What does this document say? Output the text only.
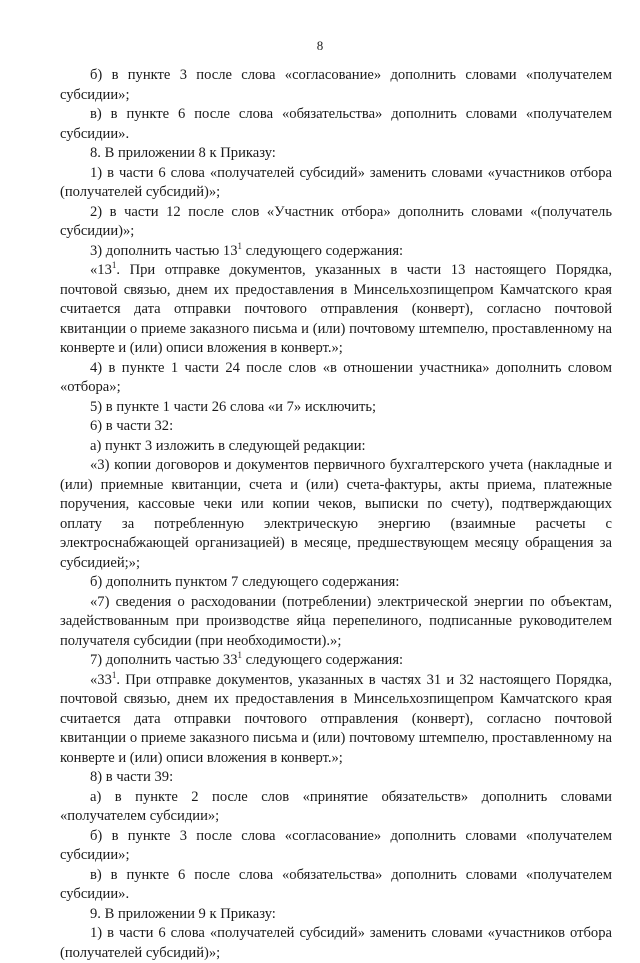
8

б) в пункте 3 после слова «согласование» дополнить словами «получателем субсидии»;

в) в пункте 6 после слова «обязательства» дополнить словами «получателем субсидии».

8. В приложении 8 к Приказу:

1) в части 6 слова «получателей субсидий» заменить словами «участников отбора (получателей субсидий)»;

2) в части 12 после слов «Участник отбора» дополнить словами «(получатель субсидии)»;

3) дополнить частью $13^1$ следующего содержания:

«$13^1$. При отправке документов, указанных в части 13 настоящего Порядка, почтовой связью, днем их предоставления в Минсельхозпищепром Камчатского края считается дата отправки почтового отправления (конверт), согласно почтовой квитанции о приеме заказного письма и (или) почтовому штемпелю, проставленному на конверте и (или) описи вложения в конверт.»;

4) в пункте 1 части 24 после слов «в отношении участника» дополнить словом «отбора»;

5) в пункте 1 части 26 слова «и 7» исключить;

6) в части 32:

а) пункт 3 изложить в следующей редакции:

«3) копии договоров и документов первичного бухгалтерского учета (накладные и (или) приемные квитанции, счета и (или) счета-фактуры, акты приема, платежные поручения, кассовые чеки или копии чеков, выписки по счету), подтверждающих оплату за потребленную электрическую энергию (взаимные расчеты с электроснабжающей организацией) в месяце, предшествующем месяцу обращения за субсидией;»;

б) дополнить пунктом 7 следующего содержания:

«7) сведения о расходовании (потреблении) электрической энергии по объектам, задействованным при производстве яйца перепелиного, подписанные руководителем получателя субсидии (при необходимости).»;

7) дополнить частью $33^1$ следующего содержания:

«$33^1$. При отправке документов, указанных в частях 31 и 32 настоящего Порядка, почтовой связью, днем их предоставления в Минсельхозпищепром Камчатского края считается дата отправки почтового отправления (конверт), согласно почтовой квитанции о приеме заказного письма и (или) почтовому штемпелю, проставленному на конверте и (или) описи вложения в конверт.»;

8) в части 39:

а) в пункте 2 после слов «принятие обязательств» дополнить словами «получателем субсидии»;

б) в пункте 3 после слова «согласование» дополнить словами «получателем субсидии»;

в) в пункте 6 после слова «обязательства» дополнить словами «получателем субсидии».

9. В приложении 9 к Приказу:

1) в части 6 слова «получателей субсидий» заменить словами «участников отбора (получателей субсидий)»;
